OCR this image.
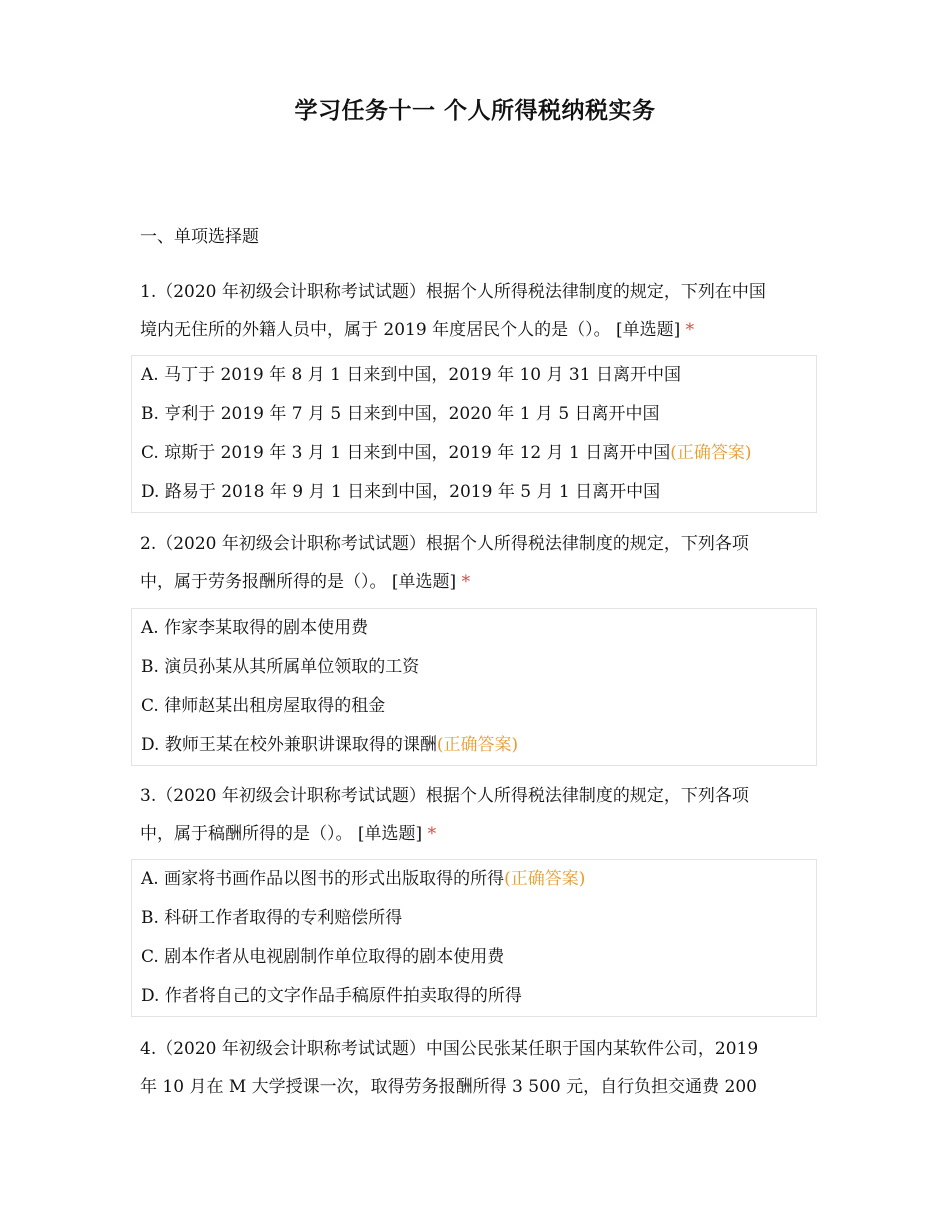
学习任务十一 个人所得税纳税实务
一、单项选择题

1.（2020 年初级会计职称考试试题）根据个人所得税法律制度的规定，下列在中国

境内无住所的外籍人员中，属于 2019 年度居民个人的是（）。 [单选题] *

A. 马丁于 2019 年 8 月 1 日来到中国，2019 年 10 月 31 日离开中国
B. 亨利于 2019 年 7 月 5 日来到中国，2020 年 1 月 5 日离开中国
C. 琼斯于 2019 年 3 月 1 日来到中国，2019 年 12 月 1 日离开中国(正确答案)
D. 路易于 2018 年 9 月 1 日来到中国，2019 年 5 月 1 日离开中国

2.（2020 年初级会计职称考试试题）根据个人所得税法律制度的规定，下列各项

中，属于劳务报酬所得的是（）。 [单选题] *

A. 作家李某取得的剧本使用费
B. 演员孙某从其所属单位领取的工资
C. 律师赵某出租房屋取得的租金
D. 教师王某在校外兼职讲课取得的课酬(正确答案)

3.（2020 年初级会计职称考试试题）根据个人所得税法律制度的规定，下列各项

中，属于稿酬所得的是（）。 [单选题] *

A. 画家将书画作品以图书的形式出版取得的所得(正确答案)
B. 科研工作者取得的专利赔偿所得
C. 剧本作者从电视剧制作单位取得的剧本使用费
D. 作者将自己的文字作品手稿原件拍卖取得的所得

4.（2020 年初级会计职称考试试题）中国公民张某任职于国内某软件公司，2019

年 10 月在 M 大学授课一次，取得劳务报酬所得 3 500 元，自行负担交通费 200
